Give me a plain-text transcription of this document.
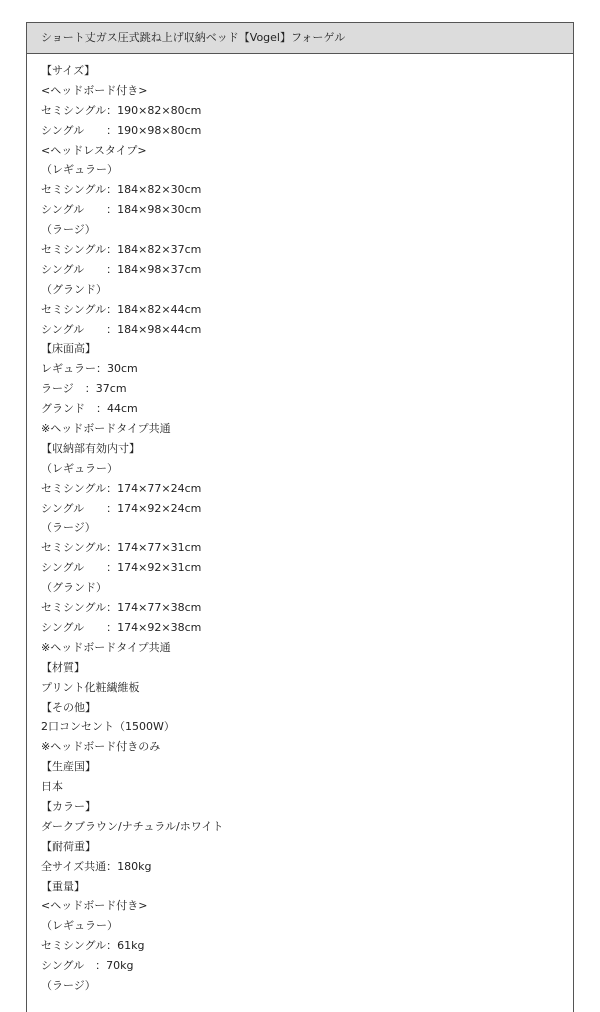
ショート丈ガス圧式跳ね上げ収納ベッド【Vogel】フォーゲル
【サイズ】
<ヘッドボード付き>
セミシングル：190×82×80cm
シングル　　：190×98×80cm
<ヘッドレスタイプ>
（レギュラー）
セミシングル：184×82×30cm
シングル　　：184×98×30cm
（ラージ）
セミシングル：184×82×37cm
シングル　　：184×98×37cm
（グランド）
セミシングル：184×82×44cm
シングル　　：184×98×44cm
【床面高】
レギュラー：30cm
ラージ　：37cm
グランド　：44cm
※ヘッドボードタイプ共通
【収納部有効内寸】
（レギュラー）
セミシングル：174×77×24cm
シングル　　：174×92×24cm
（ラージ）
セミシングル：174×77×31cm
シングル　　：174×92×31cm
（グランド）
セミシングル：174×77×38cm
シングル　　：174×92×38cm
※ヘッドボードタイプ共通
【材質】
プリント化粧繊維板
【その他】
2口コンセント（1500W）
※ヘッドボード付きのみ
【生産国】
日本
【カラー】
ダークブラウン/ナチュラル/ホワイト
【耐荷重】
全サイズ共通：180kg
【重量】
<ヘッドボード付き>
（レギュラー）
セミシングル：61kg
シングル　：70kg
（ラージ）
